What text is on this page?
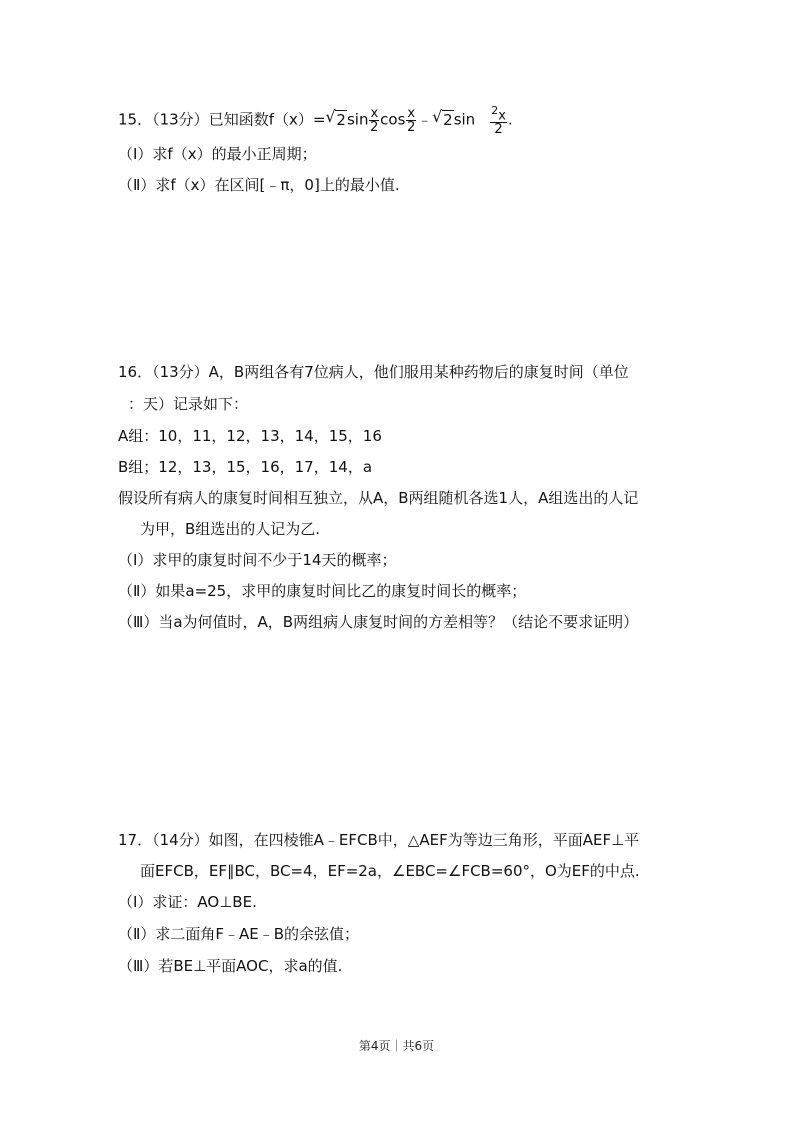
15．（13分）已知函数f（x）= √ $2\sin \frac{x}{2}$ $\cos \frac{x}{2}$ ﹣ √ $2\sin \frac{^2x}{2}$ .
（Ⅰ）求f（x）的最小正周期；
（Ⅱ）求f（x）在区间[﹣π，0]上的最小值.
16．（13分）A，B两组各有7位病人，他们服用某种药物后的康复时间（单位
：天）记录如下：
A组：10，11，12，13，14，15，16
B组；12，13，15，16，17，14，a
假设所有病人的康复时间相互独立，从A，B两组随机各选1人，A组选出的人记
为甲，B组选出的人记为乙.
（Ⅰ）求甲的康复时间不少于14天的概率；
（Ⅱ）如果a=25，求甲的康复时间比乙的康复时间长的概率；
（Ⅲ）当a为何值时，A，B两组病人康复时间的方差相等？（结论不要求证明）
17．（14分）如图，在四棱锥A﹣EFCB中，△AEF为等边三角形，平面AEF⊥平
面EFCB，EF∥BC，BC=4，EF=2a，∠EBC=∠FCB=60°，O为EF的中点.
（Ⅰ）求证：AO⊥BE.
（Ⅱ）求二面角F﹣AE﹣B的余弦值；
（Ⅲ）若BE⊥平面AOC，求a的值.
第4页｜共6页
